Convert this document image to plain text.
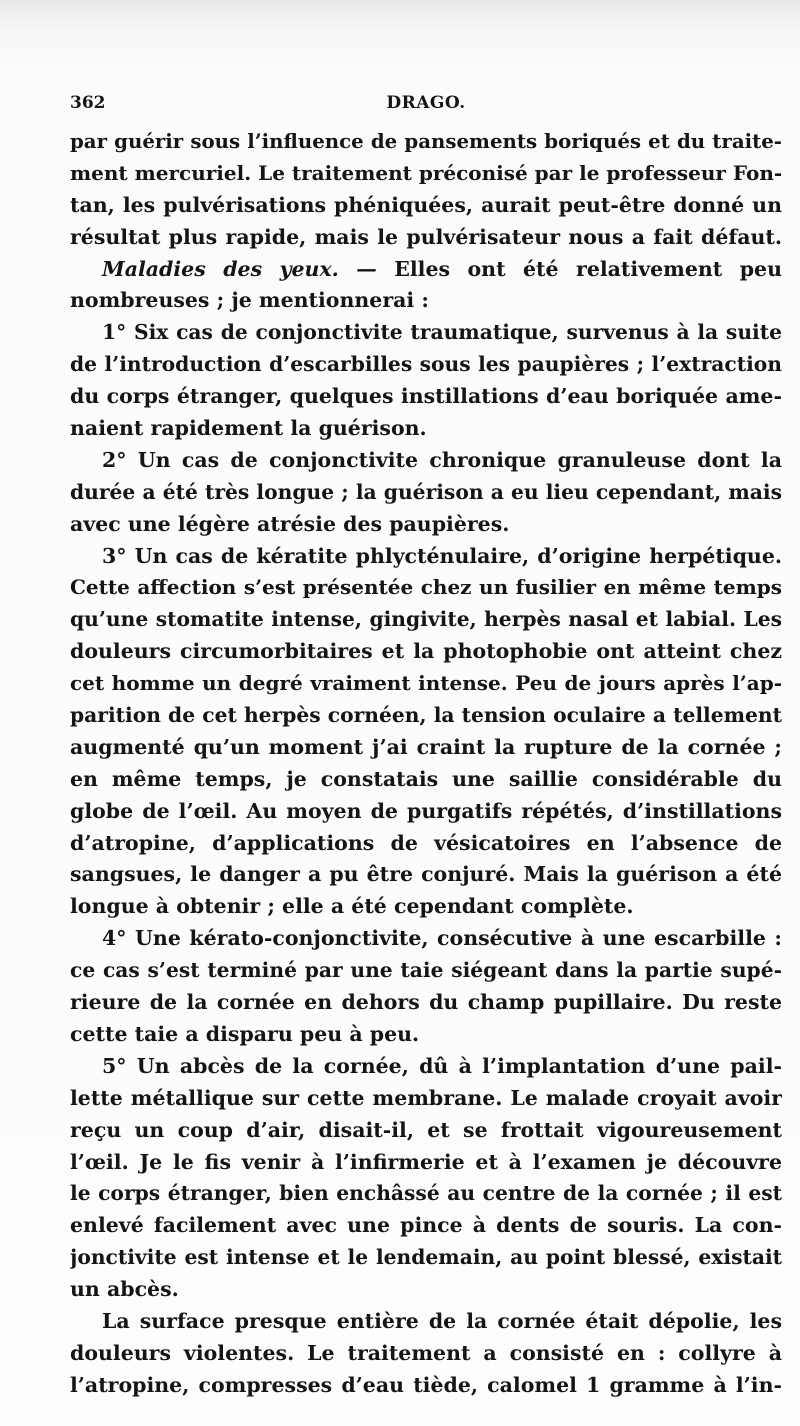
362	DRAGO.
par guérir sous l’influence de pansements boriqués et du traite-
ment mercuriel. Le traitement préconisé par le professeur Fon-
tan, les pulvérisations phéniquées, aurait peut-être donné un
résultat plus rapide, mais le pulvérisateur nous a fait défaut.
Maladies des yeux. — Elles ont été relativement peu
nombreuses ; je mentionnerai :
1° Six cas de conjonctivite traumatique, survenus à la suite
de l’introduction d’escarbilles sous les paupières ; l’extraction
du corps étranger, quelques instillations d’eau boriquée ame-
naient rapidement la guérison.
2° Un cas de conjonctivite chronique granuleuse dont la
durée a été très longue ; la guérison a eu lieu cependant, mais
avec une légère atrésie des paupières.
3° Un cas de kératite phlycténulaire, d’origine herpétique.
Cette affection s’est présentée chez un fusilier en même temps
qu’une stomatite intense, gingivite, herpès nasal et labial. Les
douleurs circumorbitaires et la photophobie ont atteint chez
cet homme un degré vraiment intense. Peu de jours après l’ap-
parition de cet herpès cornéen, la tension oculaire a tellement
augmenté qu’un moment j’ai craint la rupture de la cornée ;
en même temps, je constatais une saillie considérable du
globe de l’œil. Au moyen de purgatifs répétés, d’instillations
d’atropine, d’applications de vésicatoires en l’absence de
sangsues, le danger a pu être conjuré. Mais la guérison a été
longue à obtenir ; elle a été cependant complète.
4° Une kérato-conjonctivite, consécutive à une escarbille :
ce cas s’est terminé par une taie siégeant dans la partie supé-
rieure de la cornée en dehors du champ pupillaire. Du reste
cette taie a disparu peu à peu.
5° Un abcès de la cornée, dû à l’implantation d’une pail-
lette métallique sur cette membrane. Le malade croyait avoir
reçu un coup d’air, disait-il, et se frottait vigoureusement
l’œil. Je le fis venir à l’infirmerie et à l’examen je découvre
le corps étranger, bien enchâssé au centre de la cornée ; il est
enlevé facilement avec une pince à dents de souris. La con-
jonctivite est intense et le lendemain, au point blessé, existait
un abcès.
La surface presque entière de la cornée était dépolie, les
douleurs violentes. Le traitement a consisté en : collyre à
l’atropine, compresses d’eau tiède, calomel 1 gramme à l’in-
